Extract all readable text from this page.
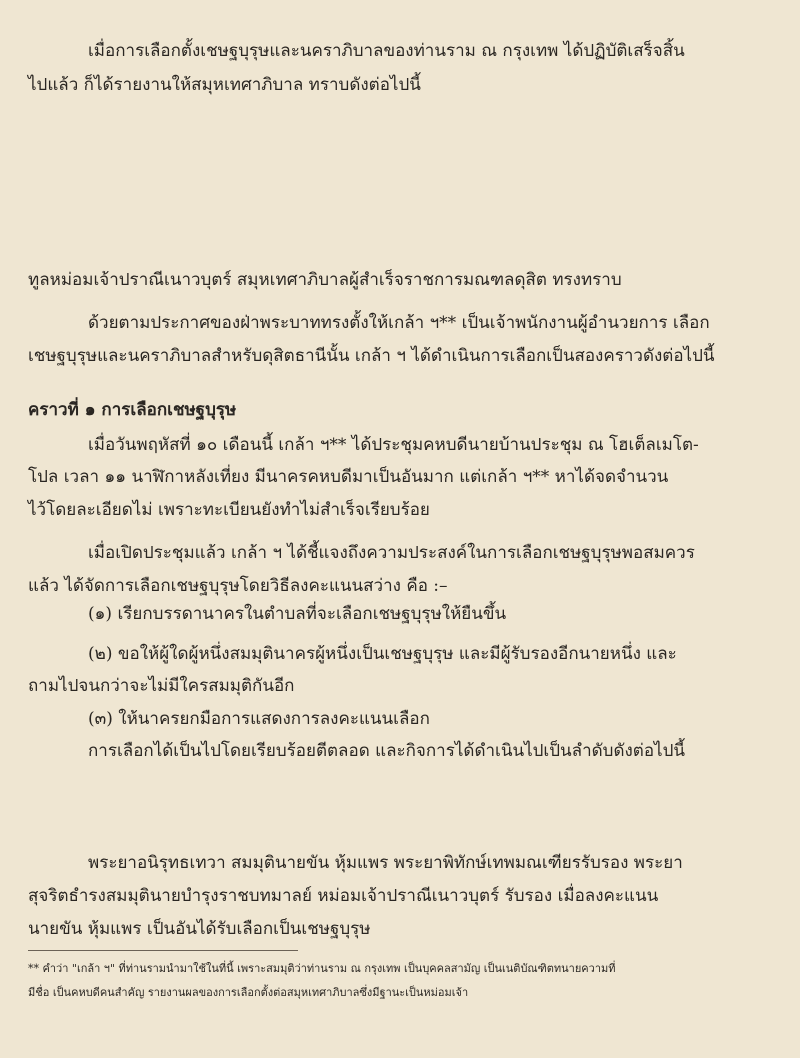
เมื่อการเลือกตั้งเชษฐบุรุษและนคราภิบาลของท่านราม ณ กรุงเทพ ได้ปฏิบัติเสร็จสิ้น
ไปแล้ว ก็ได้รายงานให้สมุหเทศาภิบาล ทราบดังต่อไปนี้
ทูลหม่อมเจ้าปราณีเนาวบุตร์ สมุหเทศาภิบาลผู้สำเร็จราชการมณฑลดุสิต ทรงทราบ
ด้วยตามประกาศของฝ่าพระบาททรงตั้งให้เกล้า ฯ** เป็นเจ้าพนักงานผู้อำนวยการ เลือก
เชษฐบุรุษและนคราภิบาลสำหรับดุสิตธานีนั้น เกล้า ฯ ได้ดำเนินการเลือกเป็นสองคราวดังต่อไปนี้
คราวที่ ๑ การเลือกเชษฐบุรุษ
เมื่อวันพฤหัสที่ ๑๐ เดือนนี้ เกล้า ฯ** ได้ประชุมคหบดีนายบ้านประชุม ณ โฮเต็ลเมโต-
โปล เวลา ๑๑ นาฬิกาหลังเที่ยง มีนาครคหบดีมาเป็นอันมาก แต่เกล้า ฯ** หาได้จดจำนวน
ไว้โดยละเอียดไม่ เพราะทะเบียนยังทำไม่สำเร็จเรียบร้อย
เมื่อเปิดประชุมแล้ว เกล้า ฯ ได้ชี้แจงถึงความประสงค์ในการเลือกเชษฐบุรุษพอสมควร
แล้ว ได้จัดการเลือกเชษฐบุรุษโดยวิธีลงคะแนนสว่าง คือ :–
(๑) เรียกบรรดานาครในตำบลที่จะเลือกเชษฐบุรุษให้ยืนขึ้น
(๒) ขอให้ผู้ใดผู้หนึ่งสมมุตินาครผู้หนึ่งเป็นเชษฐบุรุษ และมีผู้รับรองอีกนายหนึ่ง และ
ถามไปจนกว่าจะไม่มีใครสมมุติกันอีก
(๓) ให้นาครยกมือการแสดงการลงคะแนนเลือก
การเลือกได้เป็นไปโดยเรียบร้อยตีตลอด และกิจการได้ดำเนินไปเป็นลำดับดังต่อไปนี้
พระยาอนิรุทธเทวา สมมุตินายขัน หุ้มแพร พระยาพิทักษ์เทพมณเฑียรรับรอง พระยา
สุจริตธำรงสมมุตินายบำรุงราชบทมาลย์ หม่อมเจ้าปราณีเนาวบุตร์ รับรอง เมื่อลงคะแนน
นายขัน หุ้มแพร เป็นอันได้รับเลือกเป็นเชษฐบุรุษ
** คำว่า "เกล้า ฯ" ที่ท่านรามนำมาใช้ในที่นี้ เพราะสมมุติว่าท่านราม ณ กรุงเทพ เป็นบุคคลสามัญ เป็นเนติบัณฑิตทนายความที่
มีชื่อ เป็นคหบดีคนสำคัญ รายงานผลของการเลือกตั้งต่อสมุหเทศาภิบาลซึ่งมีฐานะเป็นหม่อมเจ้า
